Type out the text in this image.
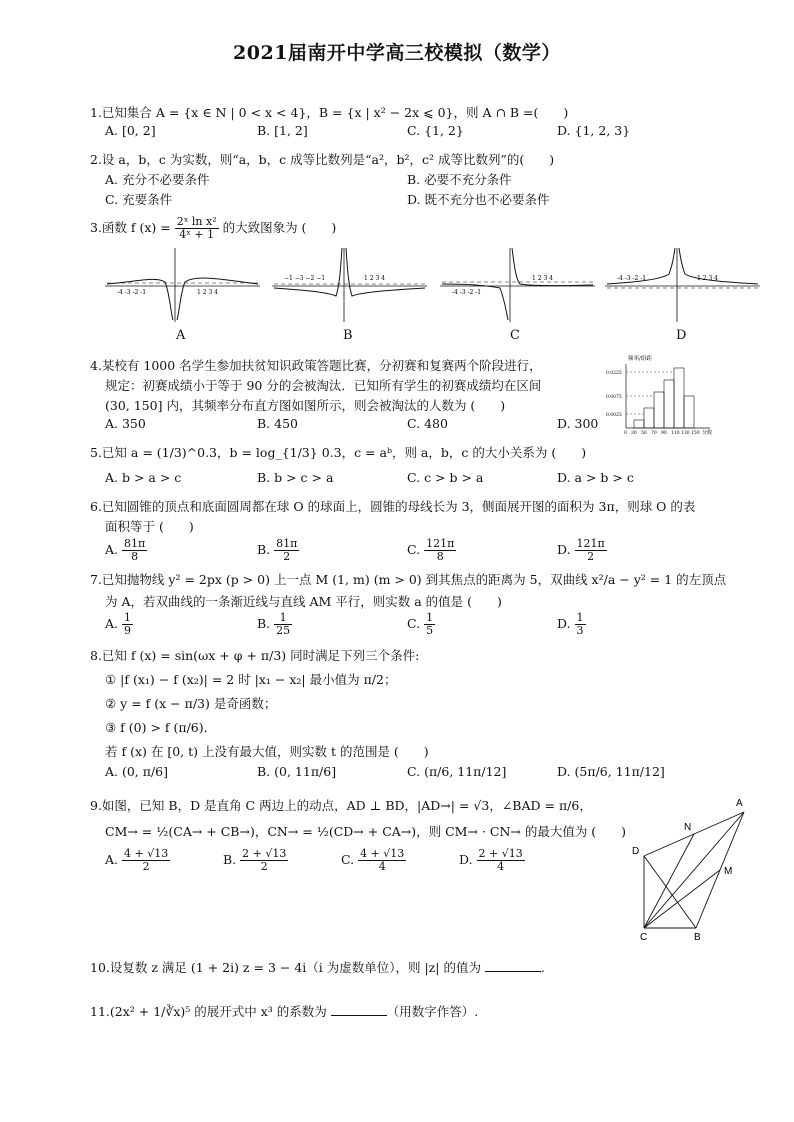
2021届南开中学高三校模拟（数学）
1.已知集合 A = {x ∈ N | 0 < x < 4}，B = {x | x² − 2x ⩽ 0}，则 A ∩ B =(　　)
A. [0, 2]	B. [1, 2]	C. {1, 2}	D. {1, 2, 3}
2.设 a，b，c 为实数，则“a，b，c 成等比数列是“a²，b²，c² 成等比数列”的(　　)
A. 充分不必要条件	B. 必要不充分条件
C. 充要条件	D. 既不充分也不必要条件
3.函数 f $(x) = \frac{\text{2ˣ ln x²}}{\text{4ˣ + 1}}$ 的大致图象为 (　　)
-4 -3 -2 -1	1 2 3 4
−1 −3 −2 −1	1 2 3 4
-4 -3 -2 -1
1 2 3 4	-4 -3 -2 -1	1 2 3 4
A	B	C	D
4.某校有 1000 名学生参加扶贫知识政策答题比赛，分初赛和复赛两个阶段进行，
规定：初赛成绩小于等于 90 分的会被淘汰．已知所有学生的初赛成绩均在区间
(30, 150] 内，其频率分布直方图如图所示，则会被淘汰的人数为 (　　)
A. 350	B. 450	C. 480	D. 300
频率/组距
0.0225
0.0075
0.0025
0 30 50 70 90 110 130 150 分数
5.已知 a = (1/3)^0.3，b = log_{1/3} 0.3，c = aᵇ，则 a，b，c 的大小关系为 (　　)
A. b > a > c	B. b > c > a	C. c > b > a	D. a > b > c
6.已知圆锥的顶点和底面圆周都在球 O 的球面上，圆锥的母线长为 3，侧面展开图的面积为 3π，则球 O 的表
面积等于 (　　)
A. $\frac{81\pi}{8}$	B. $\frac{81\pi}{2}$	C. $\frac{121\pi}{8}$	D. $\frac{121\pi}{2}$
7.已知抛物线 y² = 2px (p > 0) 上一点 M (1, m) (m > 0) 到其焦点的距离为 5，双曲线 x²/a − y² = 1 的左顶点
为 A，若双曲线的一条渐近线与直线 AM 平行，则实数 a 的值是 (　　)
A. $\frac{1}{9}$	B. $\frac{1}{25}$	C. $\frac{1}{5}$	D. $\frac{1}{3}$
8.已知 f (x) = sin(ωx + φ + π/3) 同时满足下列三个条件:
① |f (x₁) − f (x₂)| = 2 时 |x₁ − x₂| 最小值为 π/2；
② y = f (x − π/3) 是奇函数；
③ f (0) > f (π/6)．
若 f (x) 在 [0, t) 上没有最大值，则实数 t 的范围是 (　　)
A. (0, π/6]	B. (0, 11π/6]	C. (π/6, 11π/12]	D. (5π/6, 11π/12]
9.如图，已知 B，D 是直角 C 两边上的动点，AD ⊥ BD，|AD→| = √3，∠BAD = π/6，
CM→ = ½(CA→ + CB→)，CN→ = ½(CD→ + CA→)，则 CM→ · CN→ 的最大值为 (　　)
A. $\frac{4 + √13}{2}$	B. $\frac{2 + √13}{2}$	C. $\frac{4 + √13}{4}$	D. $\frac{2 + √13}{4}$
A
N
D
M
C	B
10.设复数 z 满足 (1 + 2i) z = 3 − 4i（i 为虚数单位），则 |z| 的值为	.
11.(2x² + 1/∛x)⁵ 的展开式中 x³ 的系数为	（用数字作答）.
